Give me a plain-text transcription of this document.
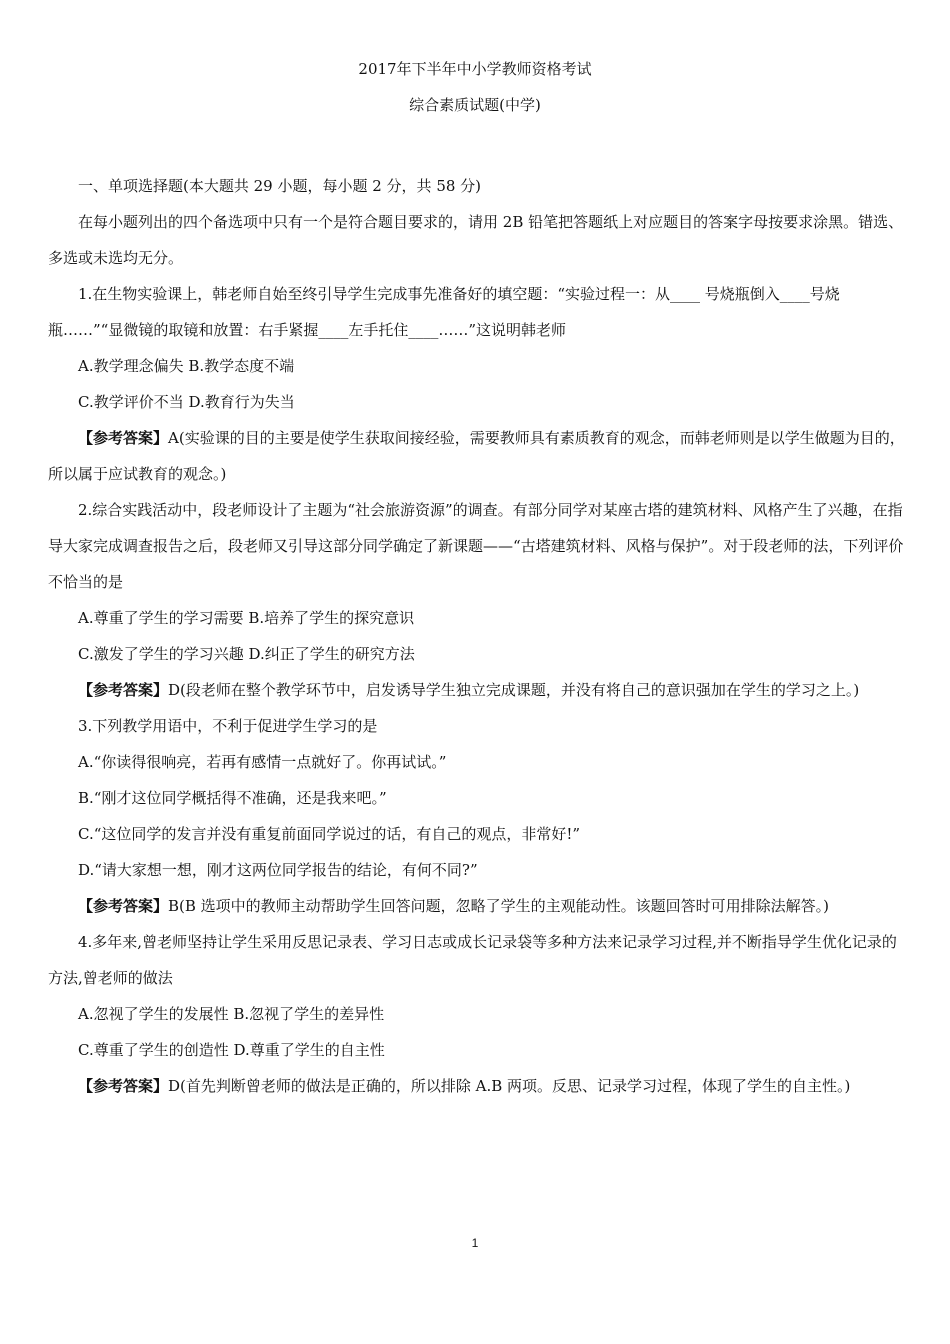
2017年下半年中小学教师资格考试
综合素质试题(中学)

一、单项选择题(本大题共 29 小题，每小题 2 分，共 58 分)

在每小题列出的四个备选项中只有一个是符合题目要求的，请用 2B 铅笔把答题纸上对应题目的答案字母按要求涂黑。错选、多选或未选均无分。

1.在生物实验课上，韩老师自始至终引导学生完成事先准备好的填空题：“实验过程一：从____ 号烧瓶倒入____号烧瓶……”“显微镜的取镜和放置：右手紧握____左手托住____……”这说明韩老师

A.教学理念偏失 B.教学态度不端

C.教学评价不当 D.教育行为失当

【参考答案】A(实验课的目的主要是使学生获取间接经验，需要教师具有素质教育的观念，而韩老师则是以学生做题为目的，所以属于应试教育的观念。)

2.综合实践活动中，段老师设计了主题为“社会旅游资源”的调查。有部分同学对某座古塔的建筑材料、风格产生了兴趣，在指导大家完成调查报告之后，段老师又引导这部分同学确定了新课题——“古塔建筑材料、风格与保护”。对于段老师的法，下列评价不恰当的是

A.尊重了学生的学习需要 B.培养了学生的探究意识

C.激发了学生的学习兴趣 D.纠正了学生的研究方法

【参考答案】D(段老师在整个教学环节中，启发诱导学生独立完成课题，并没有将自己的意识强加在学生的学习之上。)

3.下列教学用语中，不利于促进学生学习的是

A.“你读得很响亮，若再有感情一点就好了。你再试试。”

B.“刚才这位同学概括得不准确，还是我来吧。”

C.“这位同学的发言并没有重复前面同学说过的话，有自己的观点，非常好!”

D.“请大家想一想，刚才这两位同学报告的结论，有何不同?”

【参考答案】B(B 选项中的教师主动帮助学生回答问题，忽略了学生的主观能动性。该题回答时可用排除法解答。)

4.多年来,曾老师坚持让学生采用反思记录表、学习日志或成长记录袋等多种方法来记录学习过程,并不断指导学生优化记录的方法,曾老师的做法

A.忽视了学生的发展性 B.忽视了学生的差异性

C.尊重了学生的创造性 D.尊重了学生的自主性

【参考答案】D(首先判断曾老师的做法是正确的，所以排除 A.B 两项。反思、记录学习过程，体现了学生的自主性。)

1
